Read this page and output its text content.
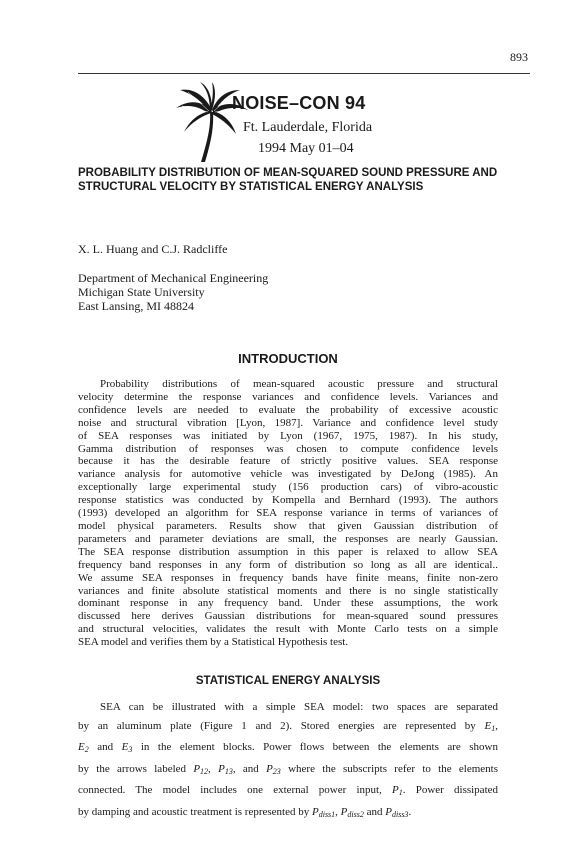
893
NOISE–CON 94
Ft. Lauderdale, Florida
1994 May 01–04
PROBABILITY DISTRIBUTION OF MEAN-SQUARED SOUND PRESSURE AND STRUCTURAL VELOCITY BY STATISTICAL ENERGY ANALYSIS
X. L. Huang and C.J. Radcliffe
Department of Mechanical Engineering
Michigan State University
East Lansing, MI 48824
INTRODUCTION

Probability distributions of mean-squared acoustic pressure and structural
velocity determine the response variances and confidence levels. Variances and
confidence levels are needed to evaluate the probability of excessive acoustic
noise and structural vibration [Lyon, 1987]. Variance and confidence level study
of SEA responses was initiated by Lyon (1967, 1975, 1987). In his study,
Gamma distribution of responses was chosen to compute confidence levels
because it has the desirable feature of strictly positive values. SEA response
variance analysis for automotive vehicle was investigated by DeJong (1985). An
exceptionally large experimental study (156 production cars) of vibro-acoustic
response statistics was conducted by Kompella and Bernhard (1993). The authors
(1993) developed an algorithm for SEA response variance in terms of variances of
model physical parameters. Results show that given Gaussian distribution of
parameters and parameter deviations are small, the responses are nearly Gaussian.
The SEA response distribution assumption in this paper is relaxed to allow SEA
frequency band responses in any form of distribution so long as all are identical..
We assume SEA responses in frequency bands have finite means, finite non-zero
variances and finite absolute statistical moments and there is no single statistically
dominant response in any frequency band. Under these assumptions, the work
discussed here derives Gaussian distributions for mean-squared sound pressures
and structural velocities, validates the result with Monte Carlo tests on a simple
SEA model and verifies them by a Statistical Hypothesis test.

STATISTICAL ENERGY ANALYSIS

SEA can be illustrated with a simple SEA model: two spaces are separated
by an aluminum plate (Figure 1 and 2). Stored energies are represented by $E_1$,
$E_2$ and $E_3$ in the element blocks. Power flows between the elements are shown
by the arrows labeled $P_{12}$, $P_{13}$, and $P_{23}$ where the subscripts refer to the elements
connected. The model includes one external power input, $P_1$. Power dissipated
by damping and acoustic treatment is represented by $P_{diss1}$, $P_{diss2}$ and $P_{diss3}$.
